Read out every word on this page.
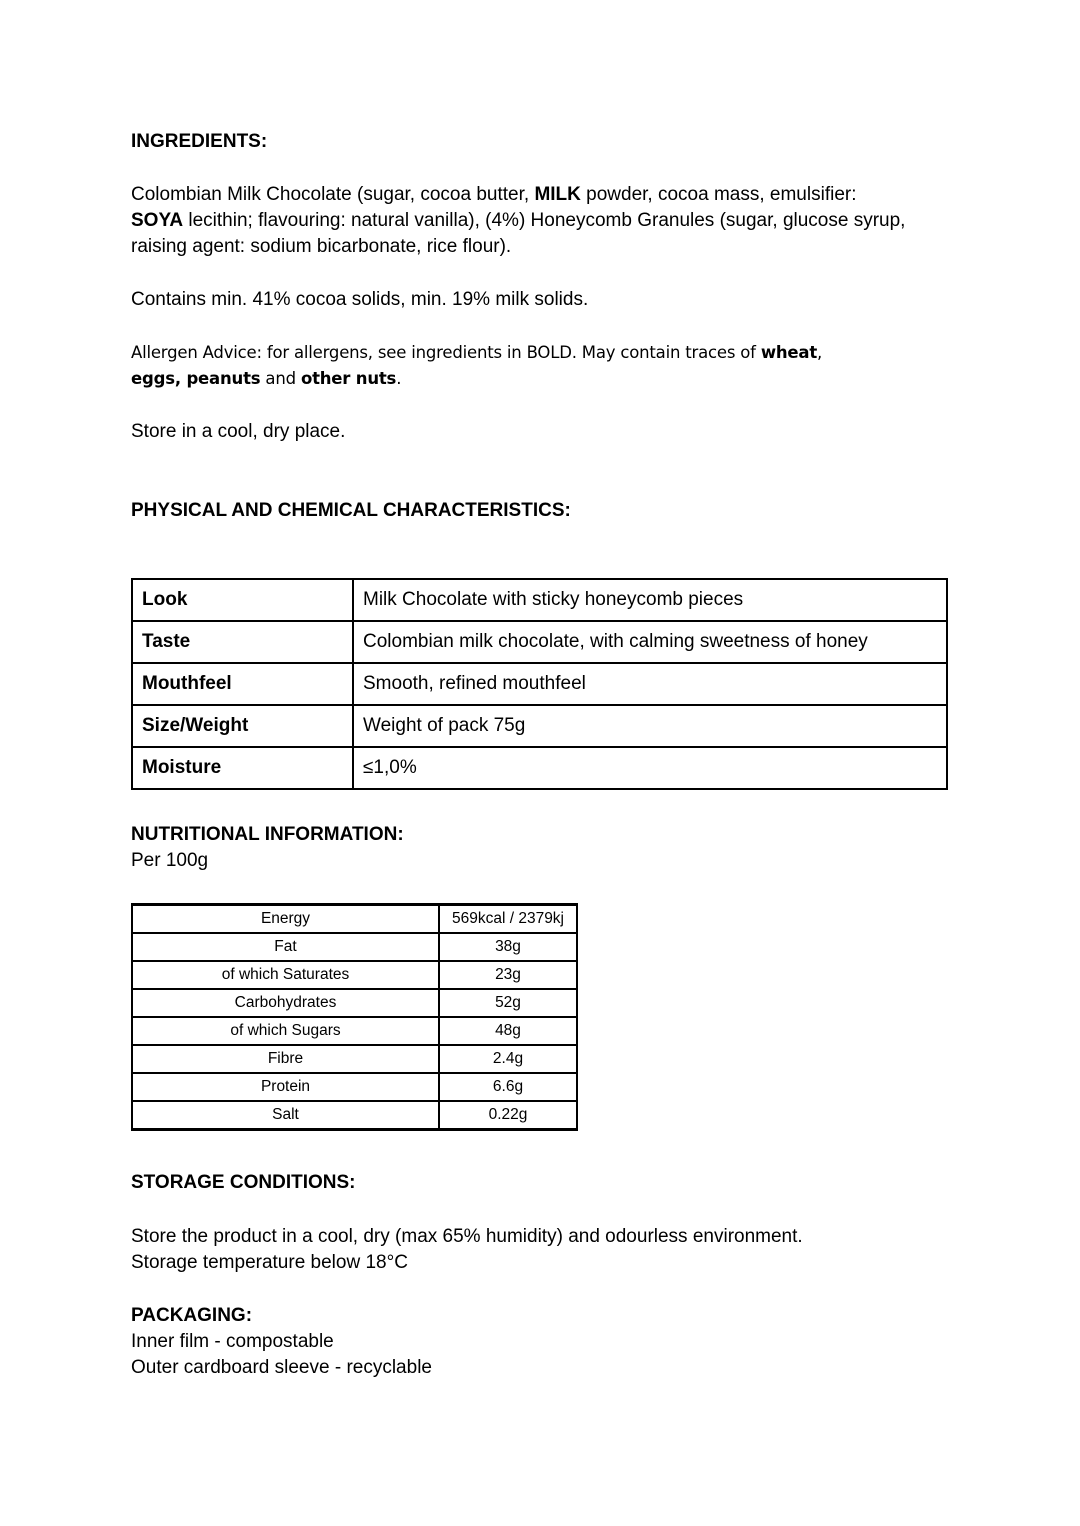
INGREDIENTS:
Colombian Milk Chocolate (sugar, cocoa butter, MILK powder, cocoa mass, emulsifier:
SOYA lecithin; flavouring: natural vanilla), (4%) Honeycomb Granules (sugar, glucose syrup,
raising agent: sodium bicarbonate, rice flour).
Contains min. 41% cocoa solids, min. 19% milk solids.
Allergen Advice: for allergens, see ingredients in BOLD. May contain traces of wheat,
eggs, peanuts and other nuts.
Store in a cool, dry place.
PHYSICAL AND CHEMICAL CHARACTERISTICS:
Look	Milk Chocolate with sticky honeycomb pieces
Taste	Colombian milk chocolate, with calming sweetness of honey
Mouthfeel	Smooth, refined mouthfeel
Size/Weight	Weight of pack 75g
Moisture	≤1,0%
NUTRITIONAL INFORMATION:
Per 100g
Energy	569kcal / 2379kj
Fat	38g
of which Saturates	23g
Carbohydrates	52g
of which Sugars	48g
Fibre	2.4g
Protein	6.6g
Salt	0.22g
STORAGE CONDITIONS:
Store the product in a cool, dry (max 65% humidity) and odourless environment.
Storage temperature below 18°C
PACKAGING:
Inner film - compostable
Outer cardboard sleeve - recyclable
